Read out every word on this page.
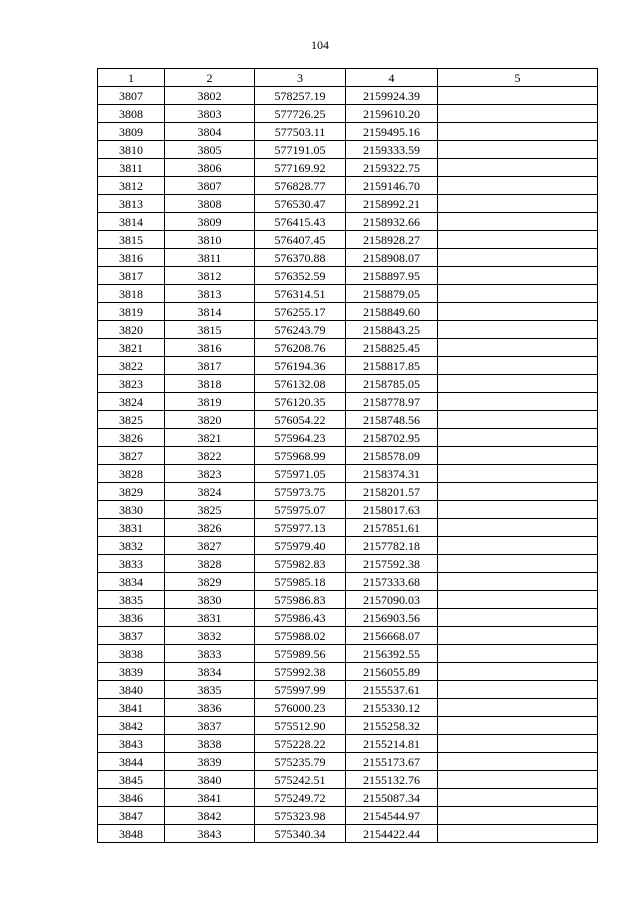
104
1	2	3	4	5
3807	3802	578257.19	2159924.39	
3808	3803	577726.25	2159610.20	
3809	3804	577503.11	2159495.16	
3810	3805	577191.05	2159333.59	
3811	3806	577169.92	2159322.75	
3812	3807	576828.77	2159146.70	
3813	3808	576530.47	2158992.21	
3814	3809	576415.43	2158932.66	
3815	3810	576407.45	2158928.27	
3816	3811	576370.88	2158908.07	
3817	3812	576352.59	2158897.95	
3818	3813	576314.51	2158879.05	
3819	3814	576255.17	2158849.60	
3820	3815	576243.79	2158843.25	
3821	3816	576208.76	2158825.45	
3822	3817	576194.36	2158817.85	
3823	3818	576132.08	2158785.05	
3824	3819	576120.35	2158778.97	
3825	3820	576054.22	2158748.56	
3826	3821	575964.23	2158702.95	
3827	3822	575968.99	2158578.09	
3828	3823	575971.05	2158374.31	
3829	3824	575973.75	2158201.57	
3830	3825	575975.07	2158017.63	
3831	3826	575977.13	2157851.61	
3832	3827	575979.40	2157782.18	
3833	3828	575982.83	2157592.38	
3834	3829	575985.18	2157333.68	
3835	3830	575986.83	2157090.03	
3836	3831	575986.43	2156903.56	
3837	3832	575988.02	2156668.07	
3838	3833	575989.56	2156392.55	
3839	3834	575992.38	2156055.89	
3840	3835	575997.99	2155537.61	
3841	3836	576000.23	2155330.12	
3842	3837	575512.90	2155258.32	
3843	3838	575228.22	2155214.81	
3844	3839	575235.79	2155173.67	
3845	3840	575242.51	2155132.76	
3846	3841	575249.72	2155087.34	
3847	3842	575323.98	2154544.97	
3848	3843	575340.34	2154422.44	
